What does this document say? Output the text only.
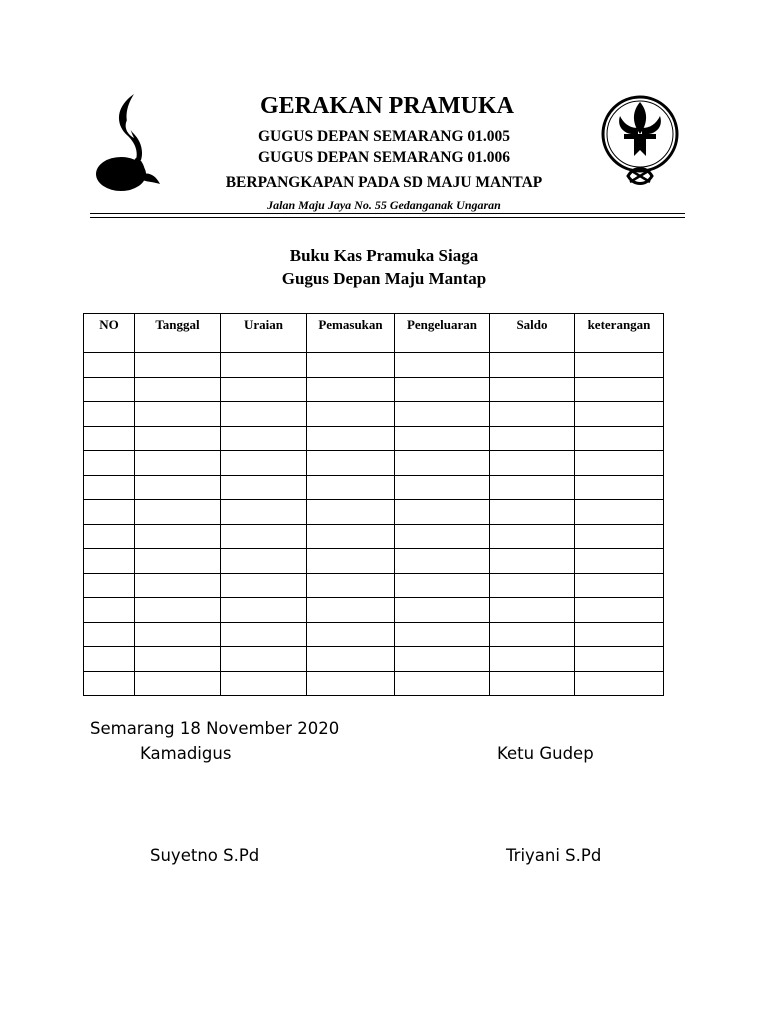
GERAKAN PRAMUKA
GUGUS DEPAN SEMARANG 01.005
GUGUS DEPAN SEMARANG 01.006
BERPANGKAPAN PADA SD MAJU MANTAP
Jalan Maju Jaya No. 55 Gedanganak Ungaran
Buku Kas Pramuka Siaga
Gugus Depan Maju Mantap
NO	Tanggal	Uraian	Pemasukan	Pengeluaran	Saldo	keterangan

Semarang 18 November 2020
Kamadigus	Ketu Gudep
Suyetno S.Pd	Triyani S.Pd
